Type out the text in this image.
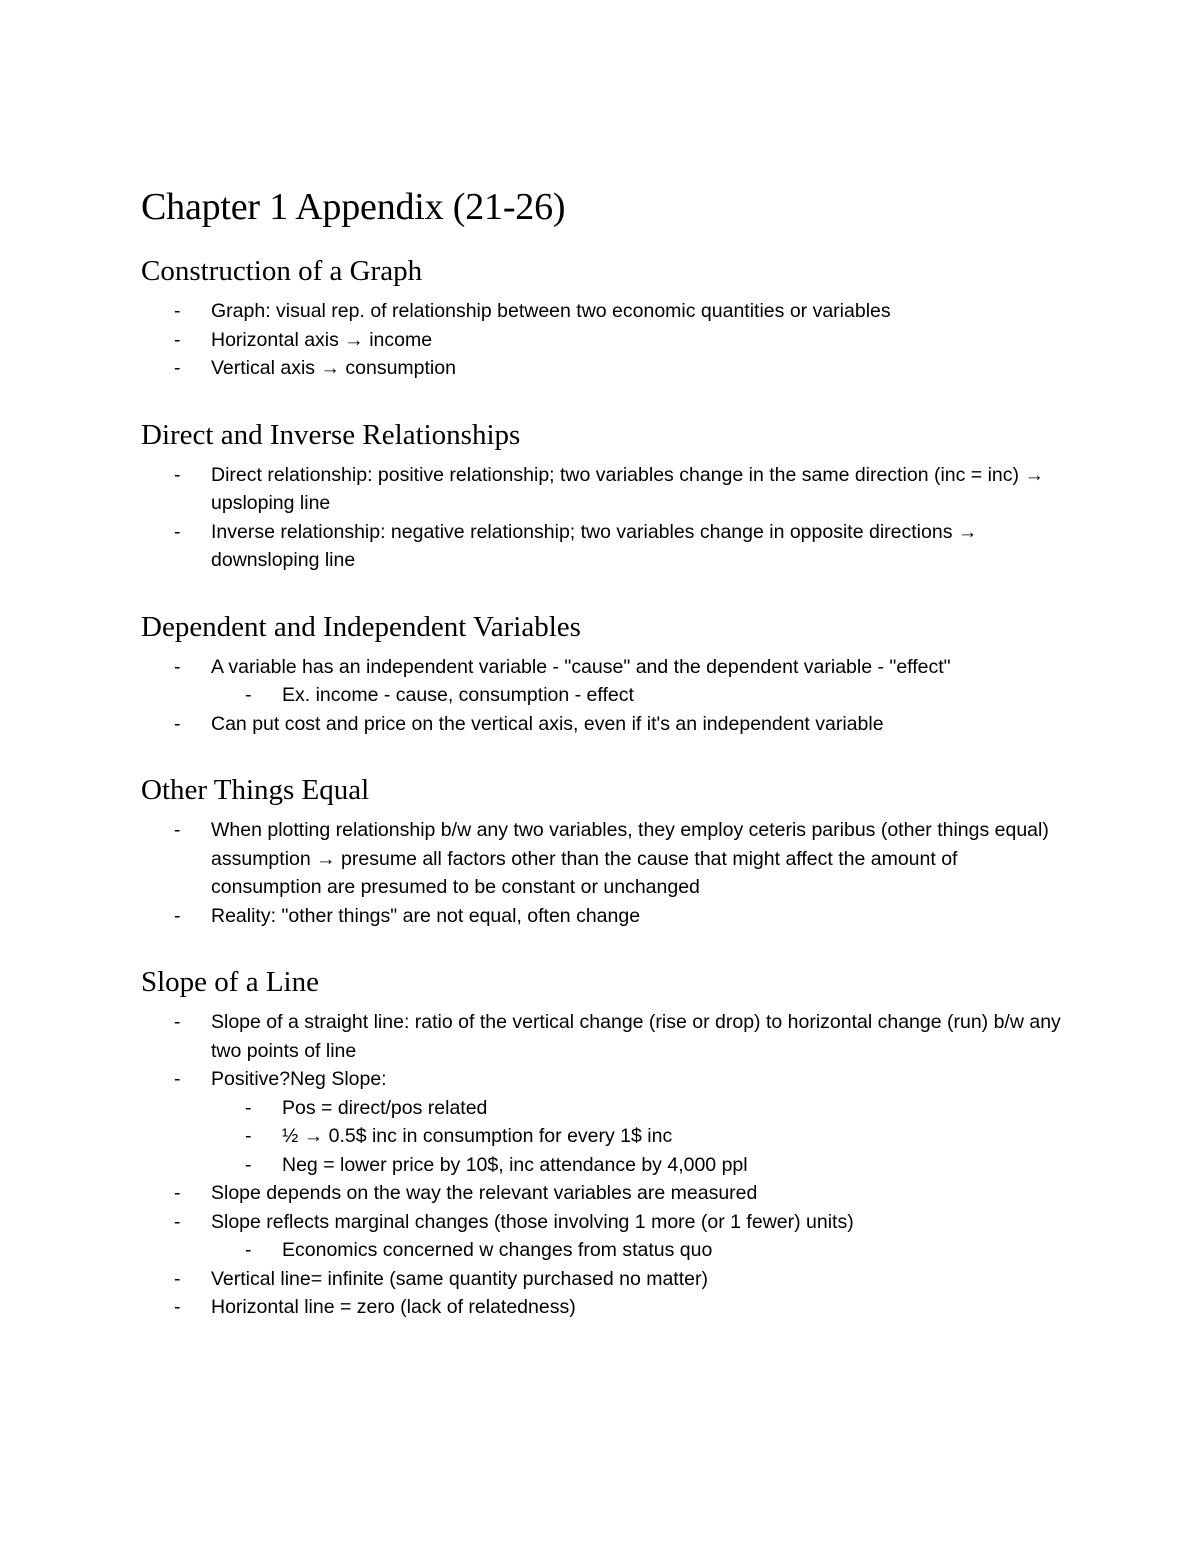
Chapter 1 Appendix (21-26)
Construction of a Graph
- Graph: visual rep. of relationship between two economic quantities or variables
- Horizontal axis → income
- Vertical axis → consumption
Direct and Inverse Relationships
- Direct relationship: positive relationship; two variables change in the same direction (inc = inc) → upsloping line
- Inverse relationship: negative relationship; two variables change in opposite directions → downsloping line
Dependent and Independent Variables
- A variable has an independent variable - "cause" and the dependent variable - "effect"
- Ex. income - cause, consumption - effect
- Can put cost and price on the vertical axis, even if it's an independent variable
Other Things Equal
- When plotting relationship b/w any two variables, they employ ceteris paribus (other things equal) assumption → presume all factors other than the cause that might affect the amount of consumption are presumed to be constant or unchanged
- Reality: "other things" are not equal, often change
Slope of a Line
- Slope of a straight line: ratio of the vertical change (rise or drop) to horizontal change (run) b/w any two points of line
- Positive?Neg Slope:
- Pos = direct/pos related
- ½ → 0.5$ inc in consumption for every 1$ inc
- Neg = lower price by 10$, inc attendance by 4,000 ppl
- Slope depends on the way the relevant variables are measured
- Slope reflects marginal changes (those involving 1 more (or 1 fewer) units)
- Economics concerned w changes from status quo
- Vertical line= infinite (same quantity purchased no matter)
- Horizontal line = zero (lack of relatedness)
